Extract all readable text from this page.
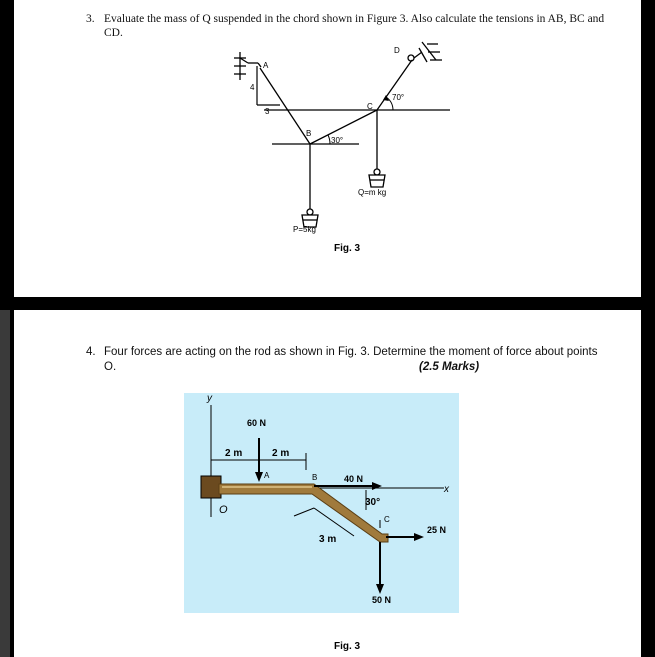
3. Evaluate the mass of Q suspended in the chord shown in Figure 3. Also calculate the tensions in AB, BC and
CD.
A
4
3
B
30°
C
70°
D
P=5kg
Q=m kg
Fig. 3
4. Four forces are acting on the rod as shown in Fig. 3. Determine the moment of force about points
O.	(2.5 Marks)
y
x
2 m	2 m
3 m
60 N
A	40 N
B
30°
C
25 N
50 N
O
Fig. 3
